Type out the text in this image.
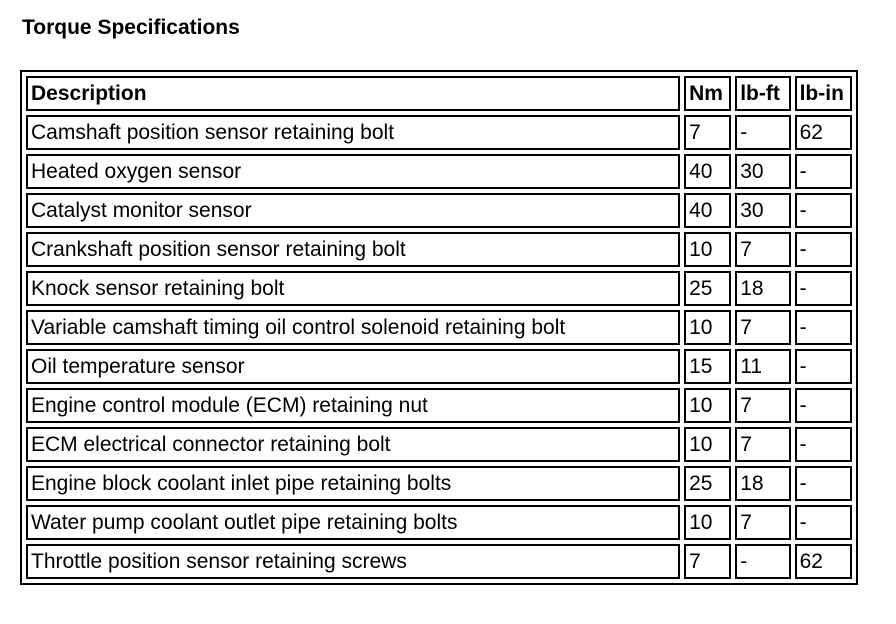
Torque Specifications
Description	Nm	lb-ft	lb-in
Camshaft position sensor retaining bolt	7	-	62
Heated oxygen sensor	40	30	-
Catalyst monitor sensor	40	30	-
Crankshaft position sensor retaining bolt	10	7	-
Knock sensor retaining bolt	25	18	-
Variable camshaft timing oil control solenoid retaining bolt	10	7	-
Oil temperature sensor	15	11	-
Engine control module (ECM) retaining nut	10	7	-
ECM electrical connector retaining bolt	10	7	-
Engine block coolant inlet pipe retaining bolts	25	18	-
Water pump coolant outlet pipe retaining bolts	10	7	-
Throttle position sensor retaining screws	7	-	62
